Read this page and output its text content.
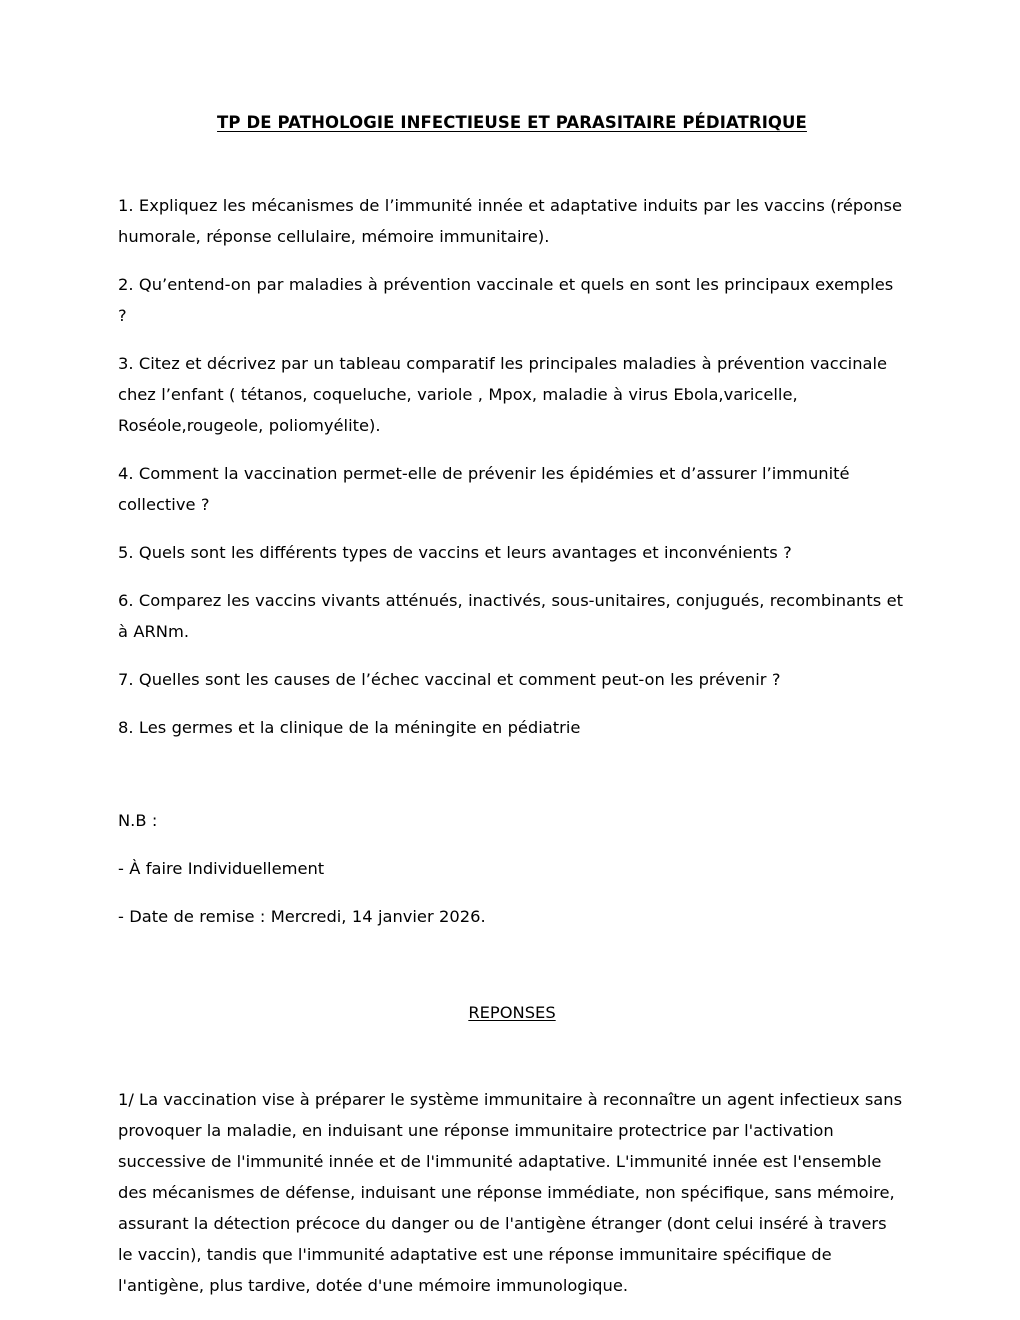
TP DE PATHOLOGIE INFECTIEUSE ET PARASITAIRE PÉDIATRIQUE

1. Expliquez les mécanismes de l’immunité innée et adaptative induits par les vaccins (réponse humorale, réponse cellulaire, mémoire immunitaire).

2. Qu’entend-on par maladies à prévention vaccinale et quels en sont les principaux exemples ?

3. Citez et décrivez par un tableau comparatif les principales maladies à prévention vaccinale chez l’enfant ( tétanos, coqueluche, variole , Mpox, maladie à virus Ebola,varicelle, Roséole,rougeole, poliomyélite).

4. Comment la vaccination permet-elle de prévenir les épidémies et d’assurer l’immunité collective ?

5. Quels sont les différents types de vaccins et leurs avantages et inconvénients ?

6. Comparez les vaccins vivants atténués, inactivés, sous-unitaires, conjugués, recombinants et à ARNm.

7. Quelles sont les causes de l’échec vaccinal et comment peut-on les prévenir ?

8. Les germes et la clinique de la méningite en pédiatrie

N.B :

- À faire Individuellement

- Date de remise : Mercredi, 14 janvier 2026.

REPONSES

1/ La vaccination vise à préparer le système immunitaire à reconnaître un agent infectieux sans provoquer la maladie, en induisant une réponse immunitaire protectrice par l'activation successive de l'immunité innée et de l'immunité adaptative. L'immunité innée est l'ensemble des mécanismes de défense, induisant une réponse immédiate, non spécifique, sans mémoire, assurant la détection précoce du danger ou de l'antigène étranger (dont celui inséré à travers le vaccin), tandis que l'immunité adaptative est une réponse immunitaire spécifique de l'antigène, plus tardive, dotée d'une mémoire immunologique.
